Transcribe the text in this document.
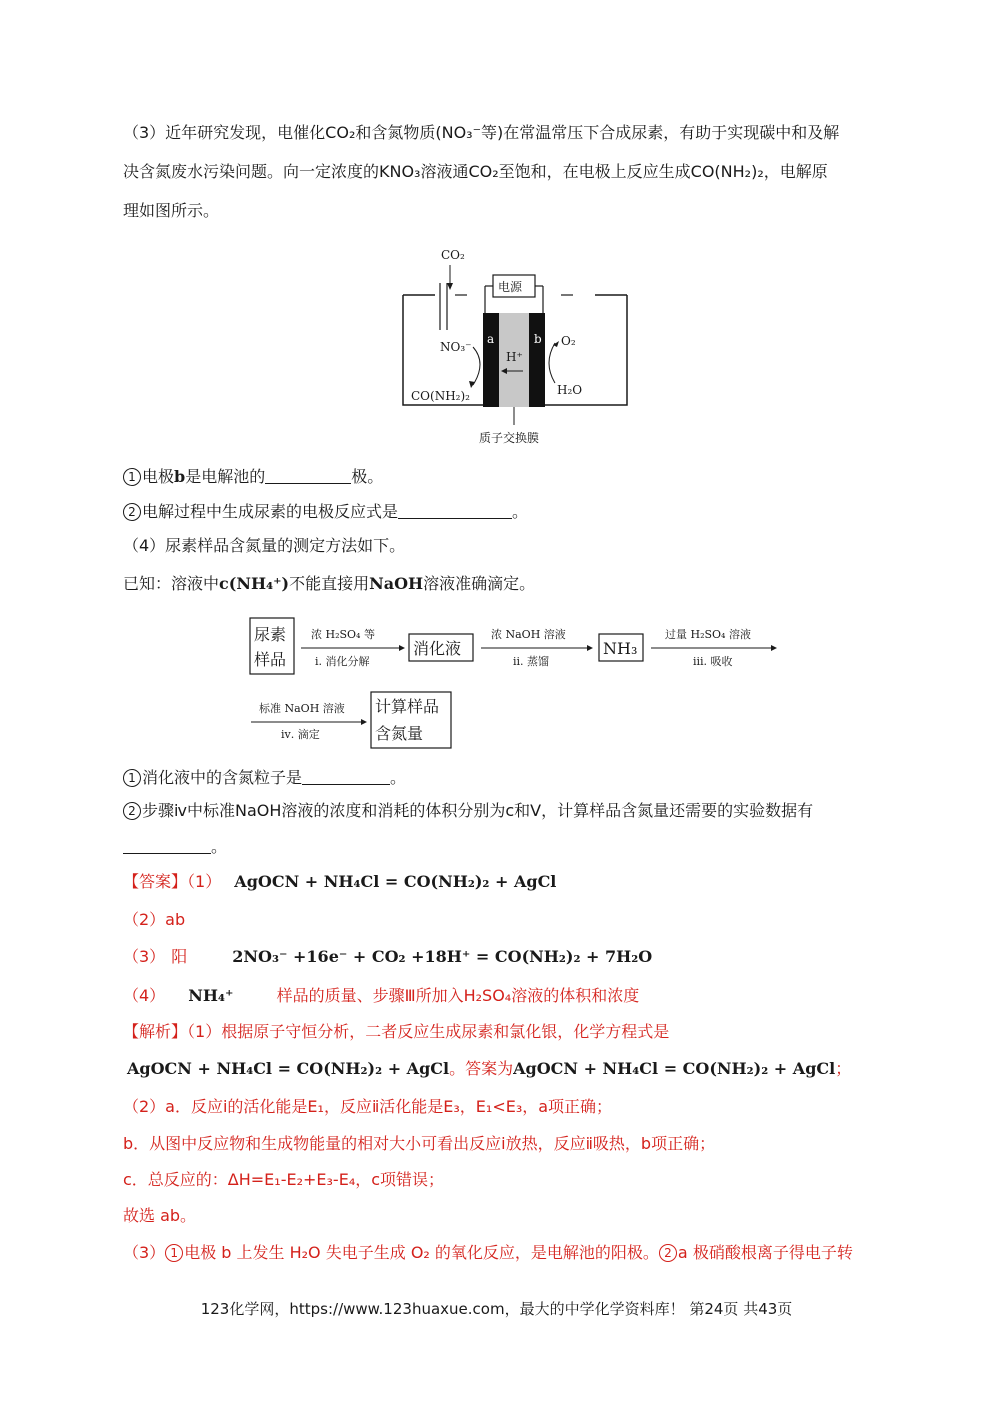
（3）近年研究发现，电催化CO₂和含氮物质(NO₃⁻等)在常温常压下合成尿素，有助于实现碳中和及解
决含氮废水污染问题。向一定浓度的KNO₃溶液通CO₂至饱和，在电极上反应生成CO(NH₂)₂，电解原
理如图所示。
CO₂
电源
a	b
H⁺
NO₃⁻
CO(NH₂)₂
O₂
H₂O
质子交换膜
1 电极b是电解池的	极。
2 电解过程中生成尿素的电极反应式是	。
（4）尿素样品含氮量的测定方法如下。
已知：溶液中c(NH₄⁺)不能直接用NaOH溶液准确滴定。
尿素
样品
浓 H₂SO₄ 等
ⅰ. 消化分解
消化液
浓 NaOH 溶液
ⅱ. 蒸馏
NH₃
过量 H₂SO₄ 溶液
ⅲ. 吸收
标准 NaOH 溶液
ⅳ. 滴定
计算样品
含氮量
1 消化液中的含氮粒子是	。
2 步骤ⅳ中标准NaOH溶液的浓度和消耗的体积分别为c和V，计算样品含氮量还需要的实验数据有
。
【答案】（1） AgOCN + NH₄Cl = CO(NH₂)₂ + AgCl
（2）ab
（3） 阳	2NO₃⁻ +16e⁻ + CO₂ +18H⁺ = CO(NH₂)₂ + 7H₂O
（4） NH₄⁺	样品的质量、步骤Ⅲ所加入H₂SO₄溶液的体积和浓度
【解析】（1）根据原子守恒分析，二者反应生成尿素和氯化银，化学方程式是
AgOCN + NH₄Cl = CO(NH₂)₂ + AgCl。答案为AgOCN + NH₄Cl = CO(NH₂)₂ + AgCl；
（2）a．反应ⅰ的活化能是E₁，反应ⅱ活化能是E₃，E₁<E₃，a项正确；
b．从图中反应物和生成物能量的相对大小可看出反应ⅰ放热，反应ⅱ吸热，b项正确；
c．总反应的：ΔH=E₁-E₂+E₃-E₄，c项错误；
故选 ab。
（3） 1 电极 b 上发生 H₂O 失电子生成 O₂ 的氧化反应，是电解池的阳极。 2 a 极硝酸根离子得电子转
123化学网，https://www.123huaxue.com，最大的中学化学资料库！ 第24页 共43页
